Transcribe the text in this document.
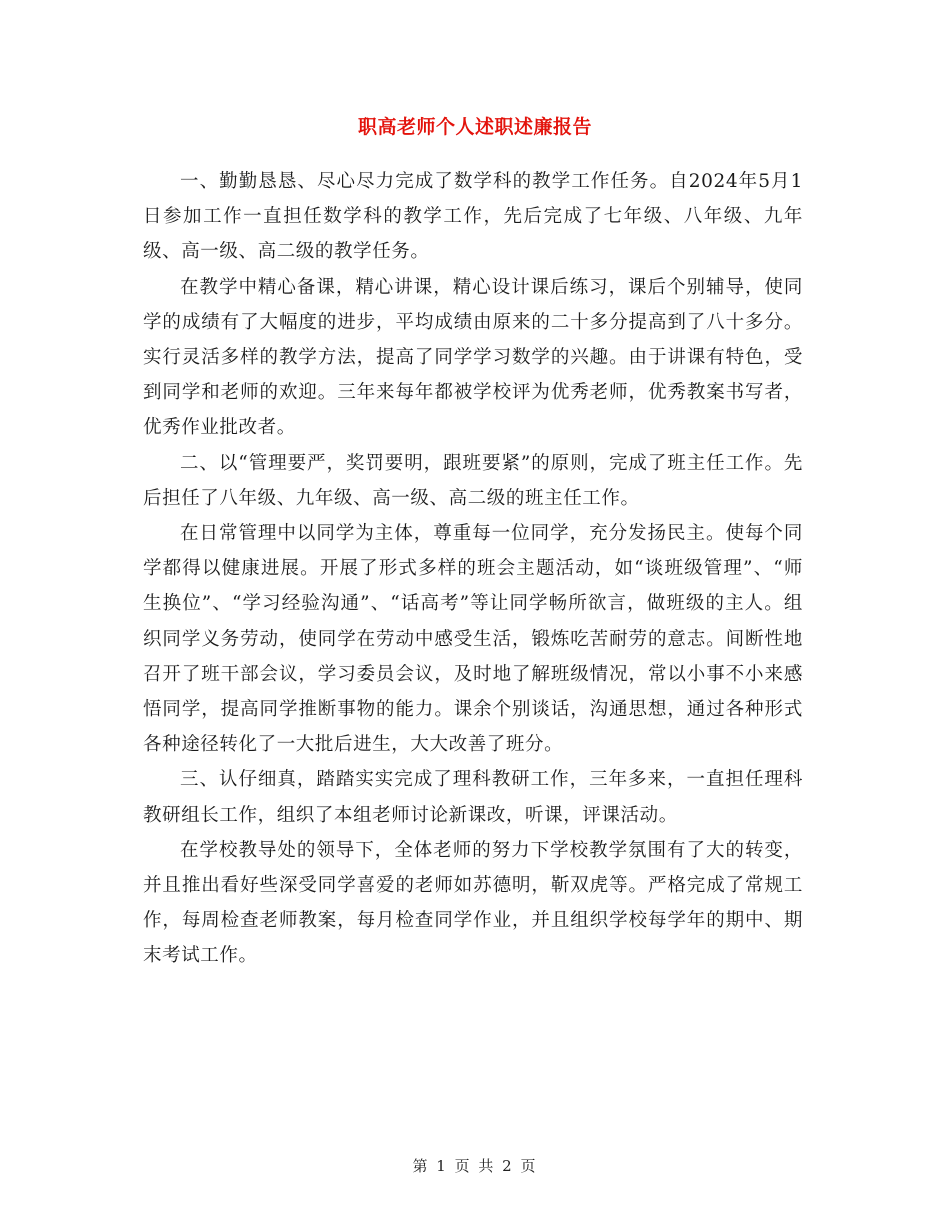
职高老师个人述职述廉报告

一、勤勤恳恳、尽心尽力完成了数学科的教学工作任务。自2024年5月1日参加工作一直担任数学科的教学工作，先后完成了七年级、八年级、九年级、高一级、高二级的教学任务。

在教学中精心备课，精心讲课，精心设计课后练习，课后个别辅导，使同学的成绩有了大幅度的进步，平均成绩由原来的二十多分提高到了八十多分。实行灵活多样的教学方法，提高了同学学习数学的兴趣。由于讲课有特色，受到同学和老师的欢迎。三年来每年都被学校评为优秀老师，优秀教案书写者，优秀作业批改者。

二、以“管理要严，奖罚要明，跟班要紧”的原则，完成了班主任工作。先后担任了八年级、九年级、高一级、高二级的班主任工作。

在日常管理中以同学为主体，尊重每一位同学，充分发扬民主。使每个同学都得以健康进展。开展了形式多样的班会主题活动，如“谈班级管理”、“师生换位”、“学习经验沟通”、“话高考”等让同学畅所欲言，做班级的主人。组织同学义务劳动，使同学在劳动中感受生活，锻炼吃苦耐劳的意志。间断性地召开了班干部会议，学习委员会议，及时地了解班级情况，常以小事不小来感悟同学，提高同学推断事物的能力。课余个别谈话，沟通思想，通过各种形式各种途径转化了一大批后进生，大大改善了班分。

三、认仔细真，踏踏实实完成了理科教研工作，三年多来，一直担任理科教研组长工作，组织了本组老师讨论新课改，听课，评课活动。

在学校教导处的领导下，全体老师的努力下学校教学氛围有了大的转变，并且推出看好些深受同学喜爱的老师如苏德明，靳双虎等。严格完成了常规工作，每周检查老师教案，每月检查同学作业，并且组织学校每学年的期中、期末考试工作。

第 1 页 共 2 页
